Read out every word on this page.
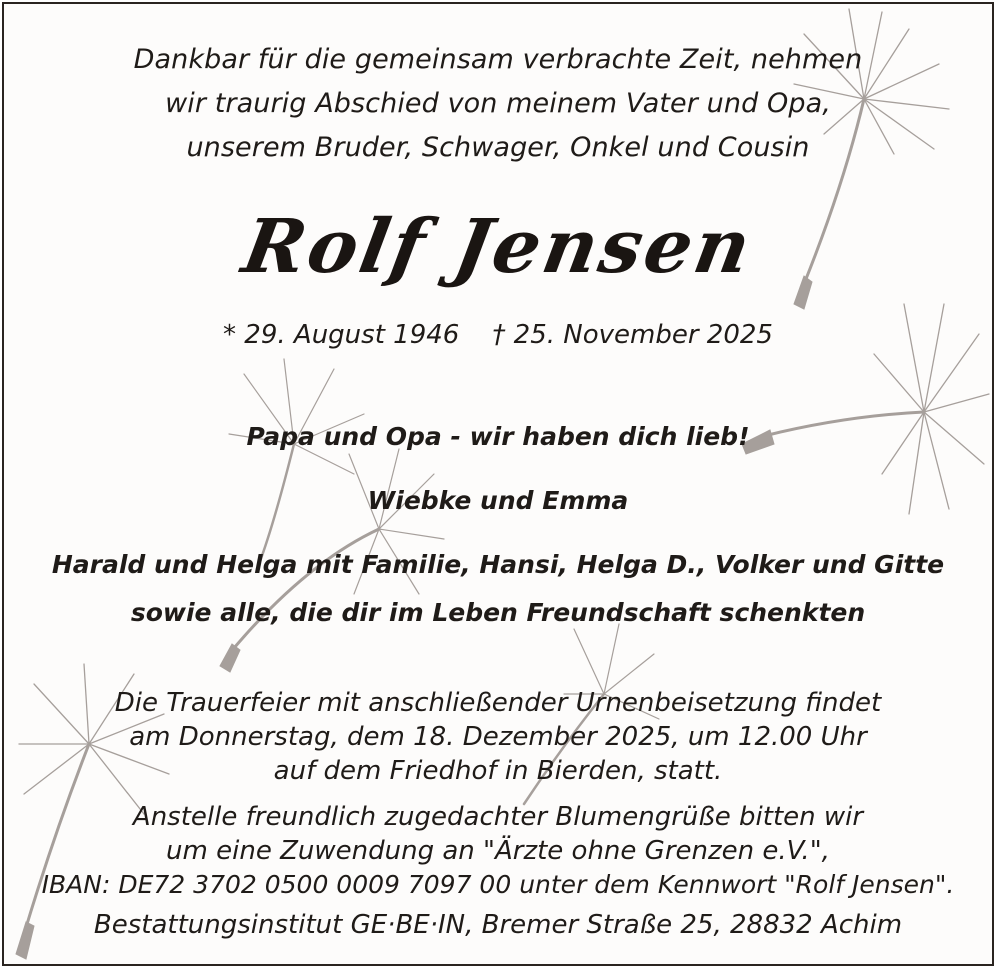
Dankbar für die gemeinsam verbrachte Zeit, nehmen
wir traurig Abschied von meinem Vater und Opa,
unserem Bruder, Schwager, Onkel und Cousin
Rolf Jensen
* 29. August 1946    † 25. November 2025
Papa und Opa - wir haben dich lieb!
Wiebke und Emma
Harald und Helga mit Familie, Hansi, Helga D., Volker und Gitte
sowie alle, die dir im Leben Freundschaft schenkten
Die Trauerfeier mit anschließender Urnenbeisetzung findet
am Donnerstag, dem 18. Dezember 2025, um 12.00 Uhr
auf dem Friedhof in Bierden, statt.
Anstelle freundlich zugedachter Blumengrüße bitten wir
um eine Zuwendung an "Ärzte ohne Grenzen e.V.",
IBAN: DE72 3702 0500 0009 7097 00 unter dem Kennwort "Rolf Jensen".
Bestattungsinstitut GE·BE·IN, Bremer Straße 25, 28832 Achim
